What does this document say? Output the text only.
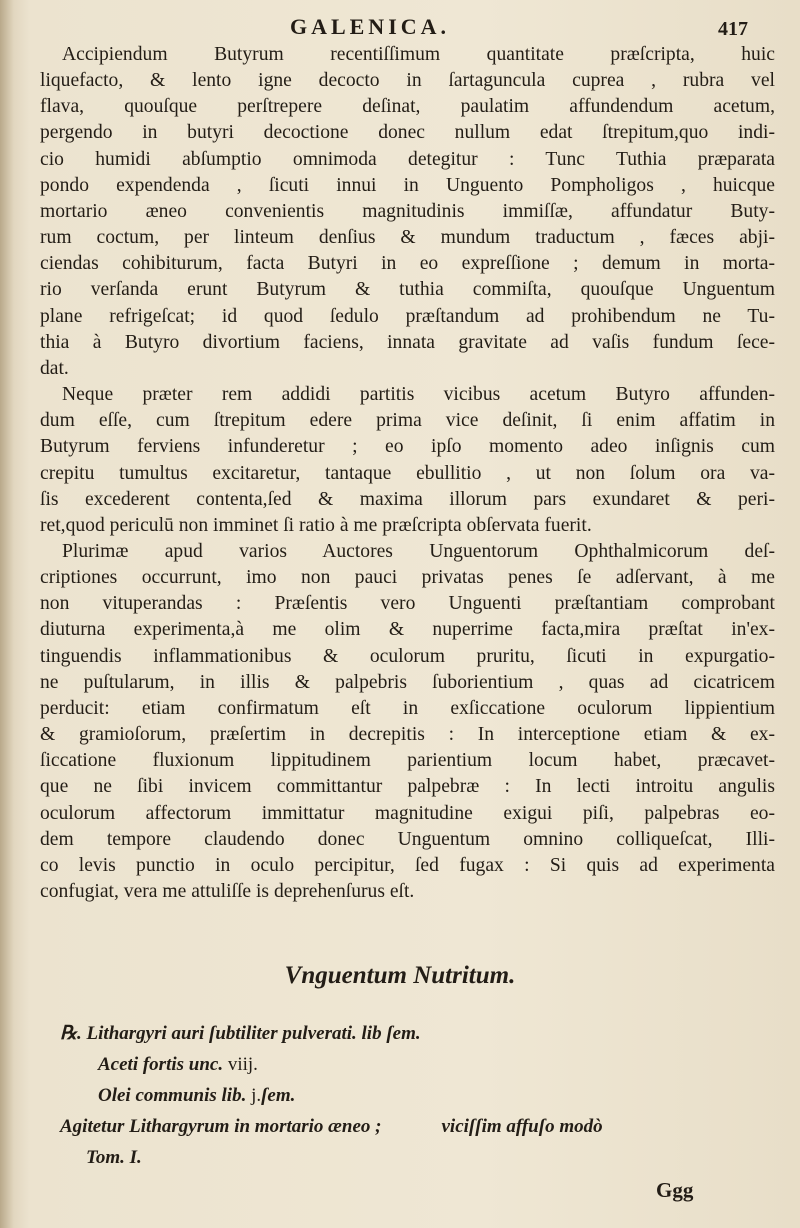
GALENICA.	417
Accipiendum Butyrum recentiſſimum quantitate præſcripta, huic
liquefacto, & lento igne decocto in ſartaguncula cuprea , rubra vel
flava, quouſque perſtrepere deſinat, paulatim affundendum acetum,
pergendo in butyri decoctione donec nullum edat ſtrepitum,quo indi-
cio humidi abſumptio omnimoda detegitur : Tunc Tuthia præparata
pondo expendenda , ſicuti innui in Unguento Pompholigos , huicque
mortario æneo convenientis magnitudinis immiſſæ, affundatur Buty-
rum coctum, per linteum denſius & mundum traductum , fæces abji-
ciendas cohibiturum, facta Butyri in eo expreſſione ; demum in morta-
rio verſanda erunt Butyrum & tuthia commiſta, quouſque Unguentum
plane refrigeſcat; id quod ſedulo præſtandum ad prohibendum ne Tu-
thia à Butyro divortium faciens, innata gravitate ad vaſis fundum ſece-
dat.
Neque præter rem addidi partitis vicibus acetum Butyro affunden-
dum eſſe, cum ſtrepitum edere prima vice deſinit, ſi enim affatim in
Butyrum ferviens infunderetur ; eo ipſo momento adeo inſignis cum
crepitu tumultus excitaretur, tantaque ebullitio , ut non ſolum ora va-
ſis excederent contenta,ſed & maxima illorum pars exundaret & peri-
ret,quod periculū non imminet ſi ratio à me præſcripta obſervata fuerit.
Plurimæ apud varios Auctores Unguentorum Ophthalmicorum deſ-
criptiones occurrunt, imo non pauci privatas penes ſe adſervant, à me
non vituperandas : Præſentis vero Unguenti præſtantiam comprobant
diuturna experimenta,à me olim & nuperrime facta,mira præſtat in'ex-
tinguendis inflammationibus & oculorum pruritu, ſicuti in expurgatio-
ne puſtularum, in illis & palpebris ſuborientium , quas ad cicatricem
perducit: etiam confirmatum eſt in exſiccatione oculorum lippientium
& gramioſorum, præſertim in decrepitis : In interceptione etiam & ex-
ſiccatione fluxionum lippitudinem parientium locum habet, præcavet-
que ne ſibi invicem committantur palpebræ : In lecti introitu angulis
oculorum affectorum immittatur magnitudine exigui piſi, palpebras eo-
dem tempore claudendo donec Unguentum omnino colliqueſcat, Illi-
co levis punctio in oculo percipitur, ſed fugax : Si quis ad experimenta
confugiat, vera me attuliſſe is deprehenſurus eſt.
Vnguentum Nutritum.
℞. Lithargyri auri ſubtiliter pulverati. lib ſem.
Aceti fortis unc. viij.
Olei communis lib. j.ſem.
Agitetur Lithargyrum in mortario æneo ;	viciſſim affuſo modò
Tom. I.
Ggg
